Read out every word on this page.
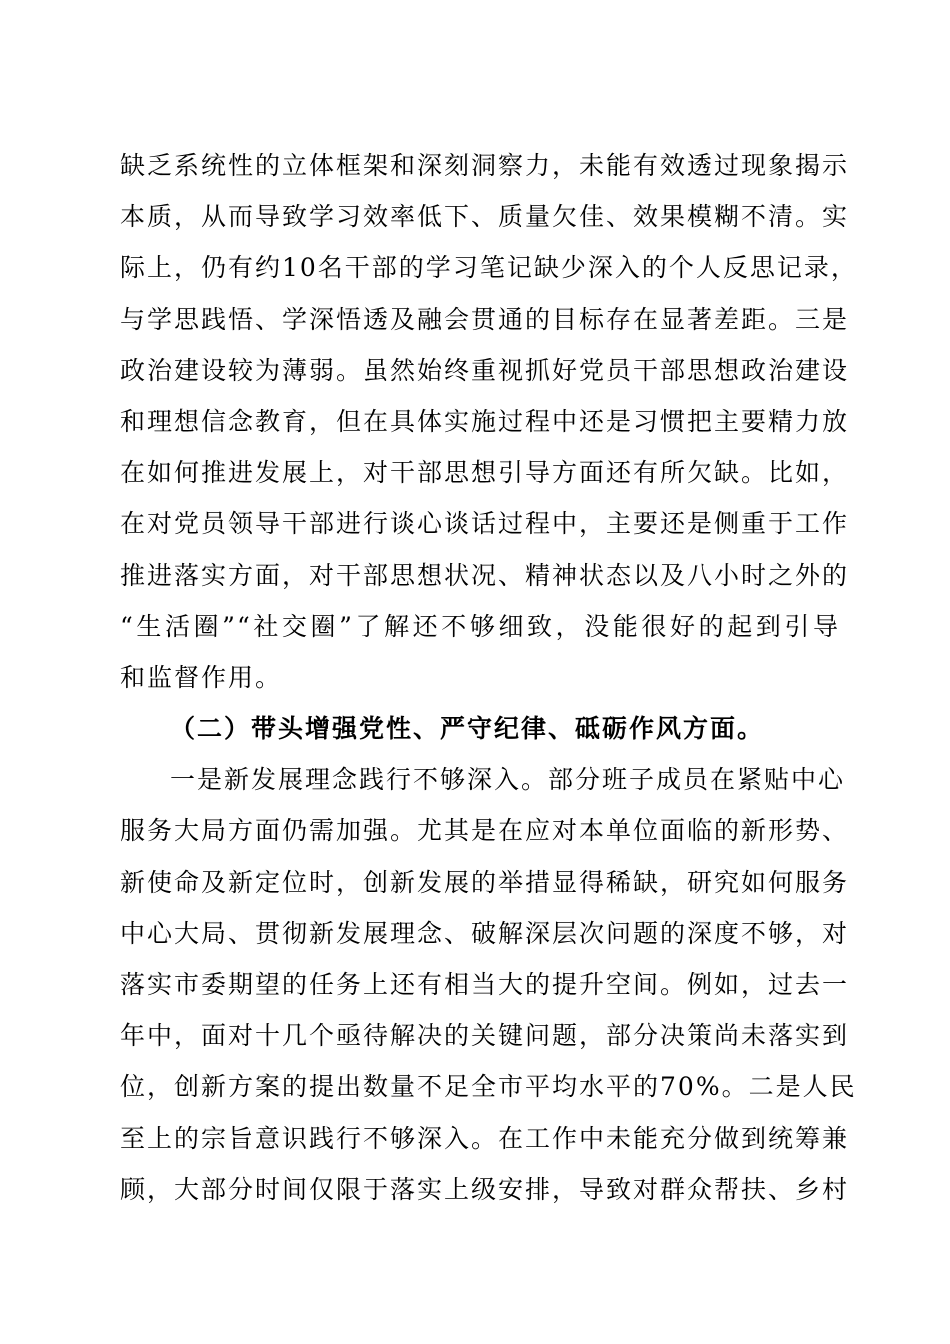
缺乏系统性的立体框架和深刻洞察力，未能有效透过现象揭示
本质，从而导致学习效率低下、质量欠佳、效果模糊不清。实
际上，仍有约10名干部的学习笔记缺少深入的个人反思记录，
与学思践悟、学深悟透及融会贯通的目标存在显著差距。三是
政治建设较为薄弱。虽然始终重视抓好党员干部思想政治建设
和理想信念教育，但在具体实施过程中还是习惯把主要精力放
在如何推进发展上，对干部思想引导方面还有所欠缺。比如，
在对党员领导干部进行谈心谈话过程中，主要还是侧重于工作
推进落实方面，对干部思想状况、精神状态以及八小时之外的
“生活圈”“社交圈”了解还不够细致，没能很好的起到引导
和监督作用。
（二）带头增强党性、严守纪律、砥砺作风方面。
一是新发展理念践行不够深入。部分班子成员在紧贴中心
服务大局方面仍需加强。尤其是在应对本单位面临的新形势、
新使命及新定位时，创新发展的举措显得稀缺，研究如何服务
中心大局、贯彻新发展理念、破解深层次问题的深度不够，对
落实市委期望的任务上还有相当大的提升空间。例如，过去一
年中，面对十几个亟待解决的关键问题，部分决策尚未落实到
位，创新方案的提出数量不足全市平均水平的70%。二是人民
至上的宗旨意识践行不够深入。在工作中未能充分做到统筹兼
顾，大部分时间仅限于落实上级安排，导致对群众帮扶、乡村
